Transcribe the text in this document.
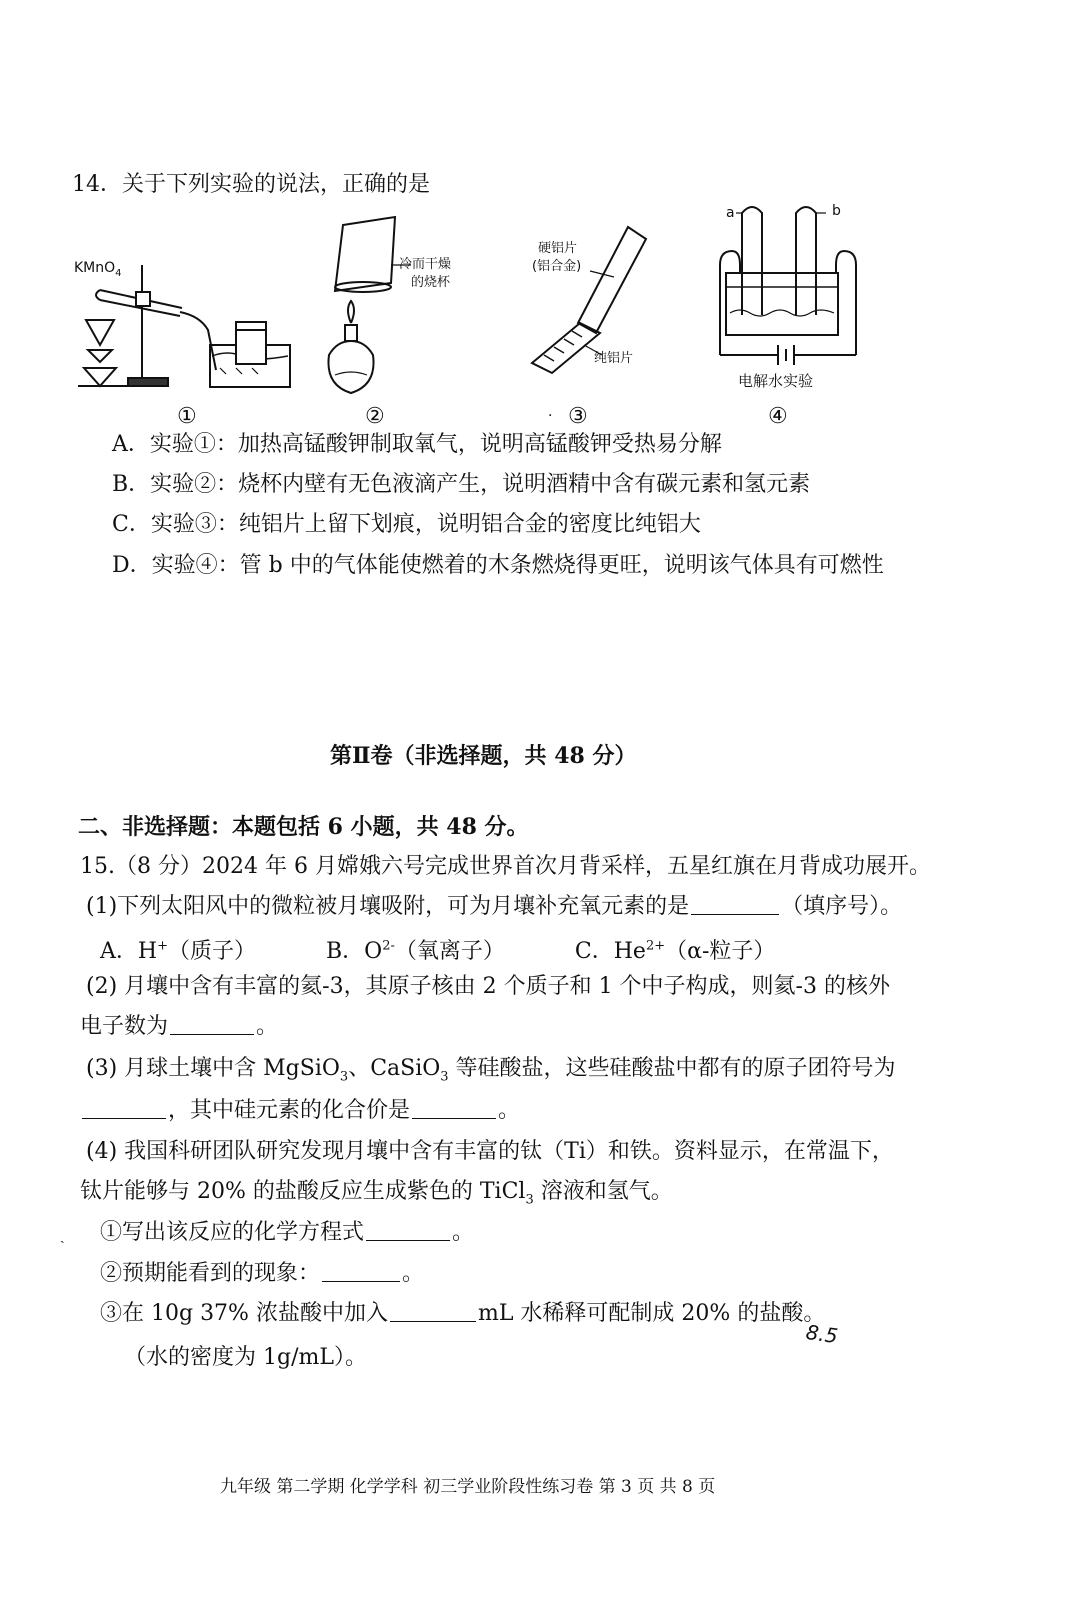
14．关于下列实验的说法，正确的是
KMnO$_4$
①
冷而干燥
的烧杯
②
硬铝片
(铝合金)
纯铝片
· ③
a	b
电解水实验
④
A．实验①：加热高锰酸钾制取氧气，说明高锰酸钾受热易分解
B．实验②：烧杯内壁有无色液滴产生，说明酒精中含有碳元素和氢元素
C．实验③：纯铝片上留下划痕，说明铝合金的密度比纯铝大
D．实验④：管 b 中的气体能使燃着的木条燃烧得更旺，说明该气体具有可燃性
第Ⅱ卷（非选择题，共 48 分）
二、非选择题：本题包括 6 小题，共 48 分。
15.（8 分）2024 年 6 月嫦娥六号完成世界首次月背采样，五星红旗在月背成功展开。
(1)下列太阳风中的微粒被月壤吸附，可为月壤补充氧元素的是	（填序号）。
A．H+（质子）	B．$O^{2-}$（氧离子）	C．$He^{2+}(\alpha-$粒子）
(2) 月壤中含有丰富的氦-3，其原子核由 2 个质子和 1 个中子构成，则氦-3 的核外
电子数为	。
(3) 月球土壤中含 MgSiO$_3$、CaSiO$_3$ 等硅酸盐，这些硅酸盐中都有的原子团符号为
，其中硅元素的化合价是	。
(4) 我国科研团队研究发现月壤中含有丰富的钛（Ti）和铁。资料显示，在常温下，
钛片能够与 20% 的盐酸反应生成紫色的 TiCl$_3$ 溶液和氢气。
ˏ ①写出该反应的化学方程式	。
②预期能看到的现象：	。
③在 10g 37% 浓盐酸中加入	mL 水稀释可配制成 20% 的盐酸。
（水的密度为 1g/mL）。
8.5
九年级 第二学期 化学学科 初三学业阶段性练习卷 第 3 页 共 8 页
